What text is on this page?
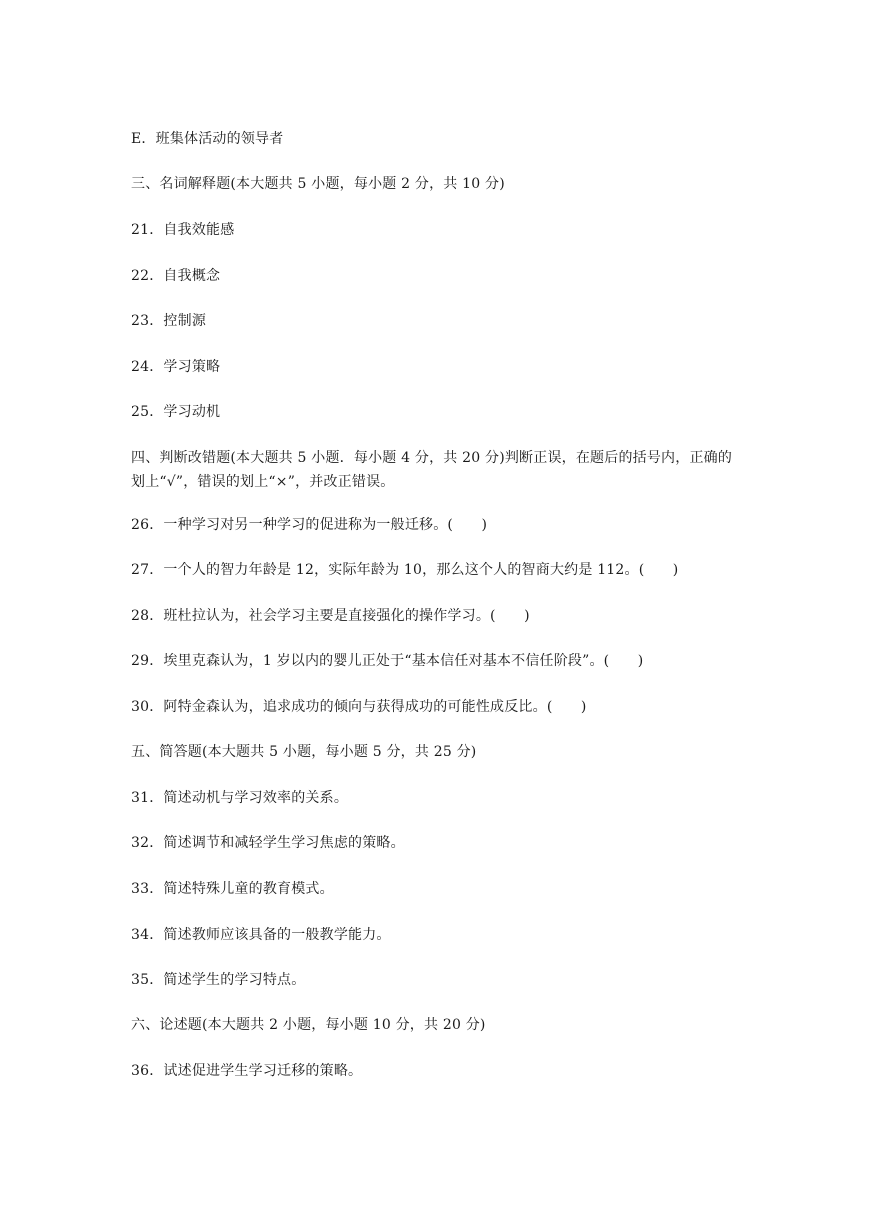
E．班集体活动的领导者
三、名词解释题(本大题共 5 小题，每小题 2 分，共 10 分)
21．自我效能感
22．自我概念
23．控制源
24．学习策略
25．学习动机
四、判断改错题(本大题共 5 小题．每小题 4 分，共 20 分)判断正误，在题后的括号内，正确的划上“√”，错误的划上“×”，并改正错误。
26．一种学习对另一种学习的促进称为一般迁移。(　　)
27．一个人的智力年龄是 12，实际年龄为 10，那么这个人的智商大约是 112。(　　)
28．班杜拉认为，社会学习主要是直接强化的操作学习。(　　)
29．埃里克森认为，1 岁以内的婴儿正处于“基本信任对基本不信任阶段”。(　　)
30．阿特金森认为，追求成功的倾向与获得成功的可能性成反比。(　　)
五、简答题(本大题共 5 小题，每小题 5 分，共 25 分)
31．简述动机与学习效率的关系。
32．简述调节和减轻学生学习焦虑的策略。
33．简述特殊儿童的教育模式。
34．简述教师应该具备的一般教学能力。
35．简述学生的学习特点。
六、论述题(本大题共 2 小题，每小题 10 分，共 20 分)
36．试述促进学生学习迁移的策略。
